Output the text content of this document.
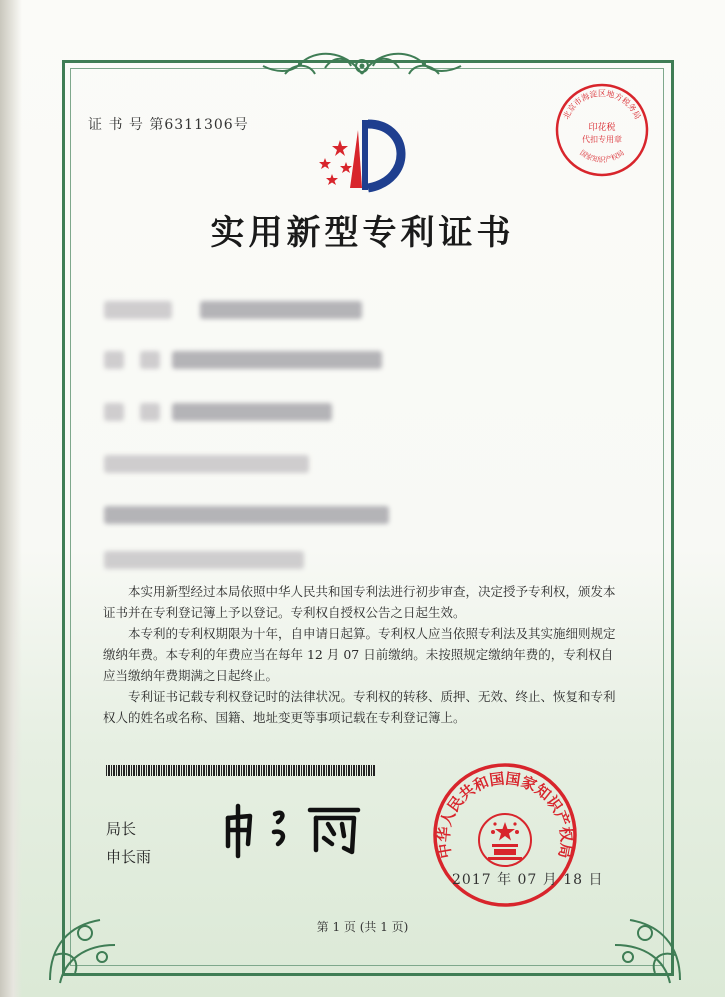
证 书 号 第6311306号
北京市海淀区地方税务局
印花税
代扣专用章
国家知识产权局
实用新型专利证书

本实用新型经过本局依照中华人民共和国专利法进行初步审查，决定授予专利权，颁发本证书并在专利登记簿上予以登记。专利权自授权公告之日起生效。

本专利的专利权期限为十年，自申请日起算。专利权人应当依照专利法及其实施细则规定缴纳年费。本专利的年费应当在每年 12 月 07 日前缴纳。未按照规定缴纳年费的，专利权自应当缴纳年费期满之日起终止。

专利证书记载专利权登记时的法律状况。专利权的转移、质押、无效、终止、恢复和专利权人的姓名或名称、国籍、地址变更等事项记载在专利登记簿上。

局长
申长雨	中华人民共和国国家知识产权局
2017 年 07 月 18 日
第 1 页 (共 1 页)
